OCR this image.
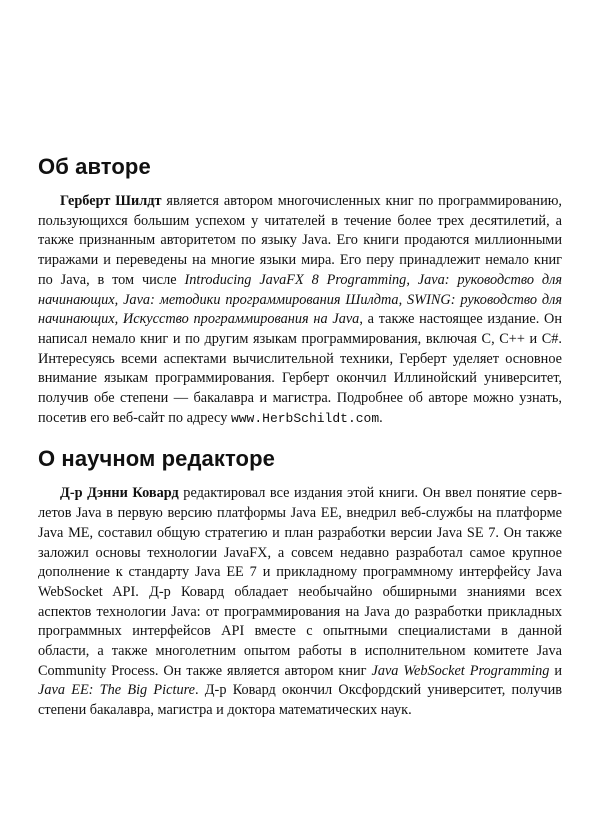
Об авторе

Герберт Шилдт является автором многочисленных книг по программированию, пользующихся большим успехом у читателей в течение более трех десятилетий, а также признанным авторитетом по языку Java. Его книги продаются миллионными тиражами и переведены на многие языки мира. Его перу принадлежит немало книг по Java, в том числе Introducing JavaFX 8 Programming, Java: руководство для начинающих, Java: методики программирования Шилдта, SWING: руководство для начинающих, Искусство программирования на Java, а также настоящее издание. Он написал немало книг и по другим языкам программирования, включая С, С++ и С#. Интересуясь всеми аспектами вычислительной техники, Герберт уделяет основное внимание языкам программирования. Герберт окончил Иллинойский университет, получив обе степени — бакалавра и магистра. Подробнее об авторе можно узнать, посетив его веб-сайт по адресу www.HerbSchildt.com.

О научном редакторе

Д-р Дэнни Ковард редактировал все издания этой книги. Он ввел понятие сервлетов Java в первую версию платформы Java EE, внедрил веб-службы на платформе Java ME, составил общую стратегию и план разработки версии Java SE 7. Он также заложил основы технологии JavaFX, а совсем недавно разработал самое крупное дополнение к стандарту Java EE 7 и прикладному программному интерфейсу Java WebSocket API. Д-р Ковард обладает необычайно обширными знаниями всех аспектов технологии Java: от программирования на Java до разработки прикладных программных интерфейсов API вместе с опытными специалистами в данной области, а также многолетним опытом работы в исполнительном комитете Java Community Process. Он также является автором книг Java WebSocket Programming и Java EE: The Big Picture. Д-р Ковард окончил Оксфордский университет, получив степени бакалавра, магистра и доктора математических наук.
